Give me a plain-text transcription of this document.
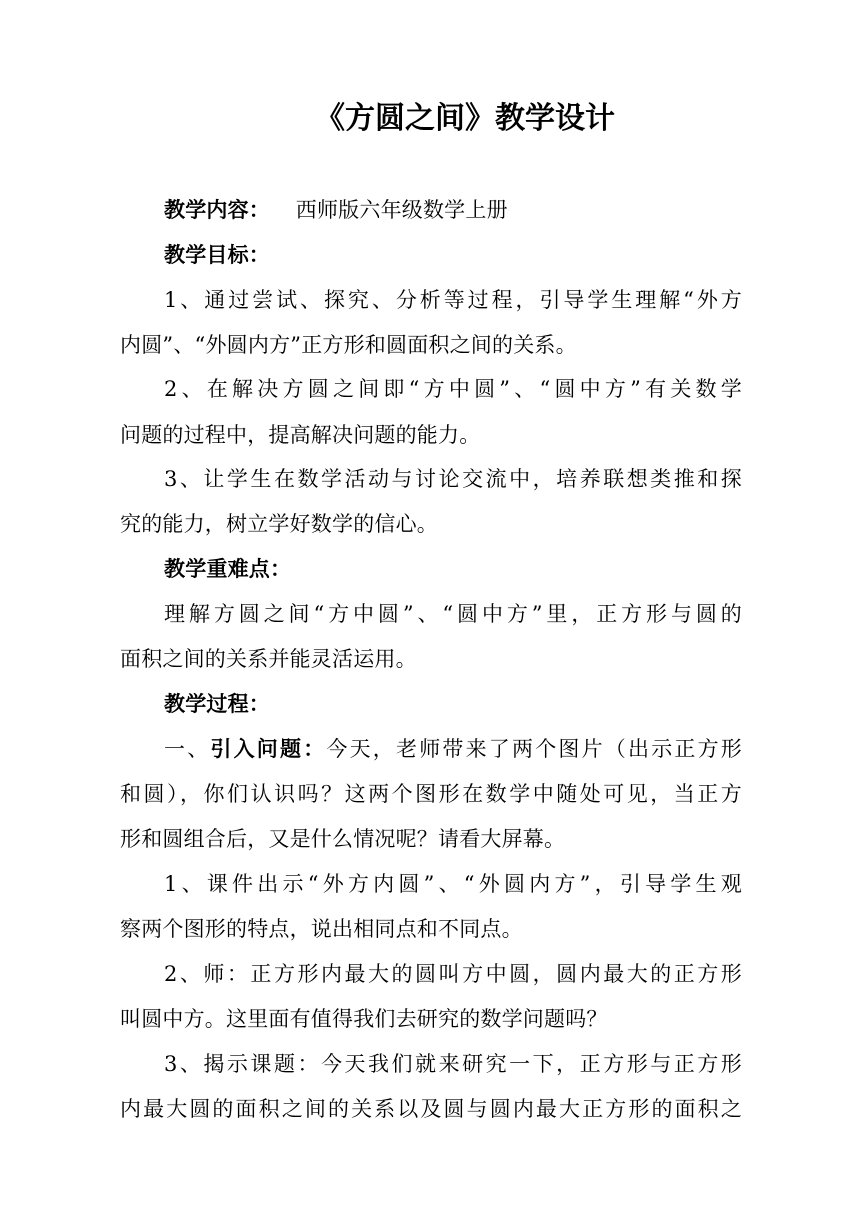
《方圆之间》教学设计
教学内容： 西师版六年级数学上册
教学目标：
1、通过尝试、探究、分析等过程，引导学生理解“外方
内圆”、“外圆内方”正方形和圆面积之间的关系。
2、在解决方圆之间即“方中圆”、“圆中方”有关数学
问题的过程中，提高解决问题的能力。
3、让学生在数学活动与讨论交流中，培养联想类推和探
究的能力，树立学好数学的信心。
教学重难点：
理解方圆之间“方中圆”、“圆中方”里，正方形与圆的
面积之间的关系并能灵活运用。
教学过程：
一、引入问题：今天，老师带来了两个图片（出示正方形
和圆），你们认识吗？这两个图形在数学中随处可见，当正方
形和圆组合后，又是什么情况呢？请看大屏幕。
1、课件出示“外方内圆”、“外圆内方”，引导学生观
察两个图形的特点，说出相同点和不同点。
2、师：正方形内最大的圆叫方中圆，圆内最大的正方形
叫圆中方。这里面有值得我们去研究的数学问题吗？
3、揭示课题：今天我们就来研究一下，正方形与正方形
内最大圆的面积之间的关系以及圆与圆内最大正方形的面积之
